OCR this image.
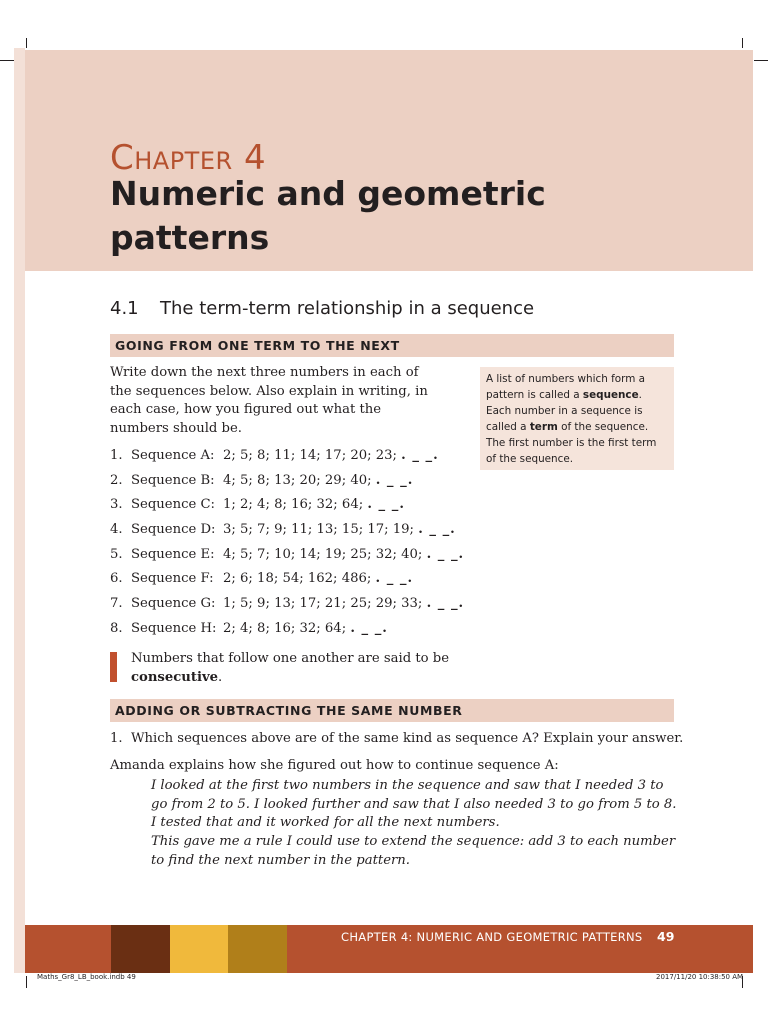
Chapter 4
Numeric and geometric
patterns
4.1 The term-term relationship in a sequence
GOING FROM ONE TERM TO THE NEXT
Write down the next three numbers in each of the sequences below. Also explain in writing, in each case, how you figured out what the numbers should be.
A list of numbers which form a pattern is called a sequence. Each number in a sequence is called a term of the sequence. The first number is the first term of the sequence.
1. Sequence A: 2; 5; 8; 11; 14; 17; 20; 23; . _ _.
2. Sequence B: 4; 5; 8; 13; 20; 29; 40; . _ _.
3. Sequence C: 1; 2; 4; 8; 16; 32; 64; . _ _.
4. Sequence D: 3; 5; 7; 9; 11; 13; 15; 17; 19; . _ _.
5. Sequence E: 4; 5; 7; 10; 14; 19; 25; 32; 40; . _ _.
6. Sequence F: 2; 6; 18; 54; 162; 486; . _ _.
7. Sequence G: 1; 5; 9; 13; 17; 21; 25; 29; 33; . _ _.
8. Sequence H: 2; 4; 8; 16; 32; 64; . _ _.
Numbers that follow one another are said to be
consecutive.
ADDING OR SUBTRACTING THE SAME NUMBER
1.  Which sequences above are of the same kind as sequence A? Explain your answer.
Amanda explains how she figured out how to continue sequence A:
I looked at the first two numbers in the sequence and saw that I needed 3 to go from 2 to 5. I looked further and saw that I also needed 3 to go from 5 to 8. I tested that and it worked for all the next numbers.
This gave me a rule I could use to extend the sequence: add 3 to each number to find the next number in the pattern.
CHAPTER 4: NUMERIC AND GEOMETRIC PATTERNS 49
Maths_Gr8_LB_book.indb 49	2017/11/20 10:38:50 AM
